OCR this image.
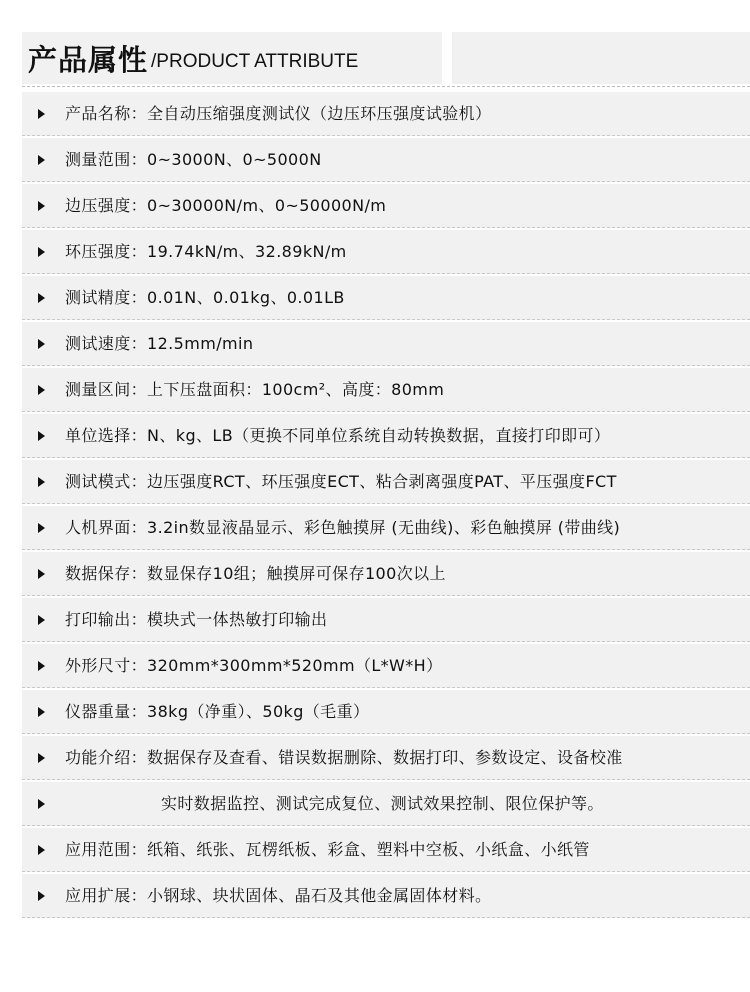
产品属性 /PRODUCT ATTRIBUTE
产品名称：全自动压缩强度测试仪（边压环压强度试验机）
测量范围：0~3000N、0~5000N
边压强度：0~30000N/m、0~50000N/m
环压强度：19.74kN/m、32.89kN/m
测试精度：0.01N、0.01kg、0.01LB
测试速度：12.5mm/min
测量区间：上下压盘面积：100cm²、高度：80mm
单位选择：N、kg、LB（更换不同单位系统自动转换数据，直接打印即可）
测试模式：边压强度RCT、环压强度ECT、粘合剥离强度PAT、平压强度FCT
人机界面：3.2in数显液晶显示、彩色触摸屏 (无曲线)、彩色触摸屏 (带曲线)
数据保存：数显保存10组；触摸屏可保存100次以上
打印输出：模块式一体热敏打印输出
外形尺寸：320mm*300mm*520mm（L*W*H）
仪器重量：38kg（净重）、50kg（毛重）
功能介绍：数据保存及查看、错误数据删除、数据打印、参数设定、设备校准
实时数据监控、测试完成复位、测试效果控制、限位保护等。
应用范围：纸箱、纸张、瓦楞纸板、彩盒、塑料中空板、小纸盒、小纸管
应用扩展：小钢球、块状固体、晶石及其他金属固体材料。
